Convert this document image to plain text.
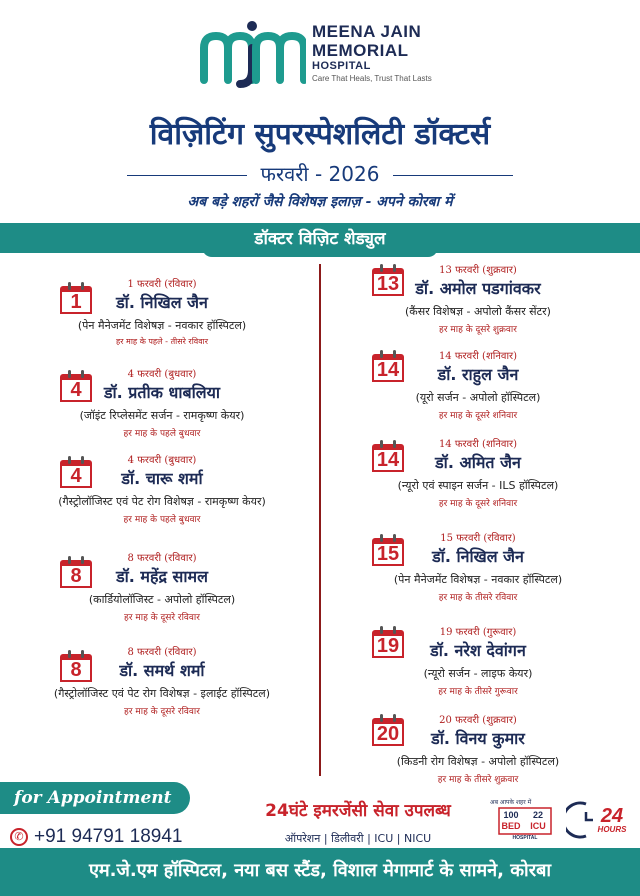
MEENA JAIN
MEMORIAL
HOSPITAL
Care That Heals, Trust That Lasts
विज़िटिंग सुपरस्पेशलिटी डॉक्टर्स
फरवरी - 2026
अब बड़े शहरों जैसे विशेषज्ञ इलाज़ - अपने कोरबा में
डॉक्टर विज़िट शेड्युल
1
1 फरवरी (रविवार)
डॉ. निखिल जैन
(पेन मैनेजमेंट विशेषज्ञ - नवकार हॉस्पिटल)
हर माह के पहले - तीसरे रविवार
4
4 फरवरी (बुधवार)
डॉ. प्रतीक धाबलिया
(जॉइंट रिप्लेसमेंट सर्जन - रामकृष्ण केयर)
हर माह के पहले बुधवार
4
4 फरवरी (बुधवार)
डॉ. चारू शर्मा
(गैस्ट्रोलॉजिस्ट एवं पेट रोग विशेषज्ञ - रामकृष्ण केयर)
हर माह के पहले बुधवार
8
8 फरवरी (रविवार)
डॉ. महेंद्र सामल
(कार्डियोलॉजिस्ट - अपोलो हॉस्पिटल)
हर माह के दूसरे रविवार
8
8 फरवरी (रविवार)
डॉ. समर्थ शर्मा
(गैस्ट्रोलॉजिस्ट एवं पेट रोग विशेषज्ञ - इलाईट हॉस्पिटल)
हर माह के दूसरे रविवार
13
13 फरवरी (शुक्रवार)
डॉ. अमोल पडगांवकर
(कैंसर विशेषज्ञ - अपोलो कैंसर सेंटर)
हर माह के दूसरे शुक्रवार
14
14 फरवरी (शनिवार)
डॉ. राहुल जैन
(यूरो सर्जन - अपोलो हॉस्पिटल)
हर माह के दूसरे शनिवार
14
14 फरवरी (शनिवार)
डॉ. अमित जैन
(न्यूरो एवं स्पाइन सर्जन - ILS हॉस्पिटल)
हर माह के दूसरे शनिवार
15
15 फरवरी (रविवार)
डॉ. निखिल जैन
(पेन मैनेजमेंट विशेषज्ञ - नवकार हॉस्पिटल)
हर माह के तीसरे रविवार
19
19 फरवरी (गुरूवार)
डॉ. नरेश देवांगन
(न्यूरो सर्जन - लाइफ केयर)
हर माह के तीसरे गुरूवार
20
20 फरवरी (शुक्रवार)
डॉ. विनय कुमार
(किडनी रोग विशेषज्ञ - अपोलो हॉस्पिटल)
हर माह के तीसरे शुक्रवार
for Appointment
✆ +91 94791 18941
24घंटे इमरजेंसी सेवा उपलब्ध
ऑपरेशन | डिलीवरी | ICU | NICU
अब आपके शहर में
100 22
BED ICU
HOSPITAL
24
HOURS
एम.जे.एम हॉस्पिटल, नया बस स्टैंड, विशाल मेगामार्ट के सामने, कोरबा
